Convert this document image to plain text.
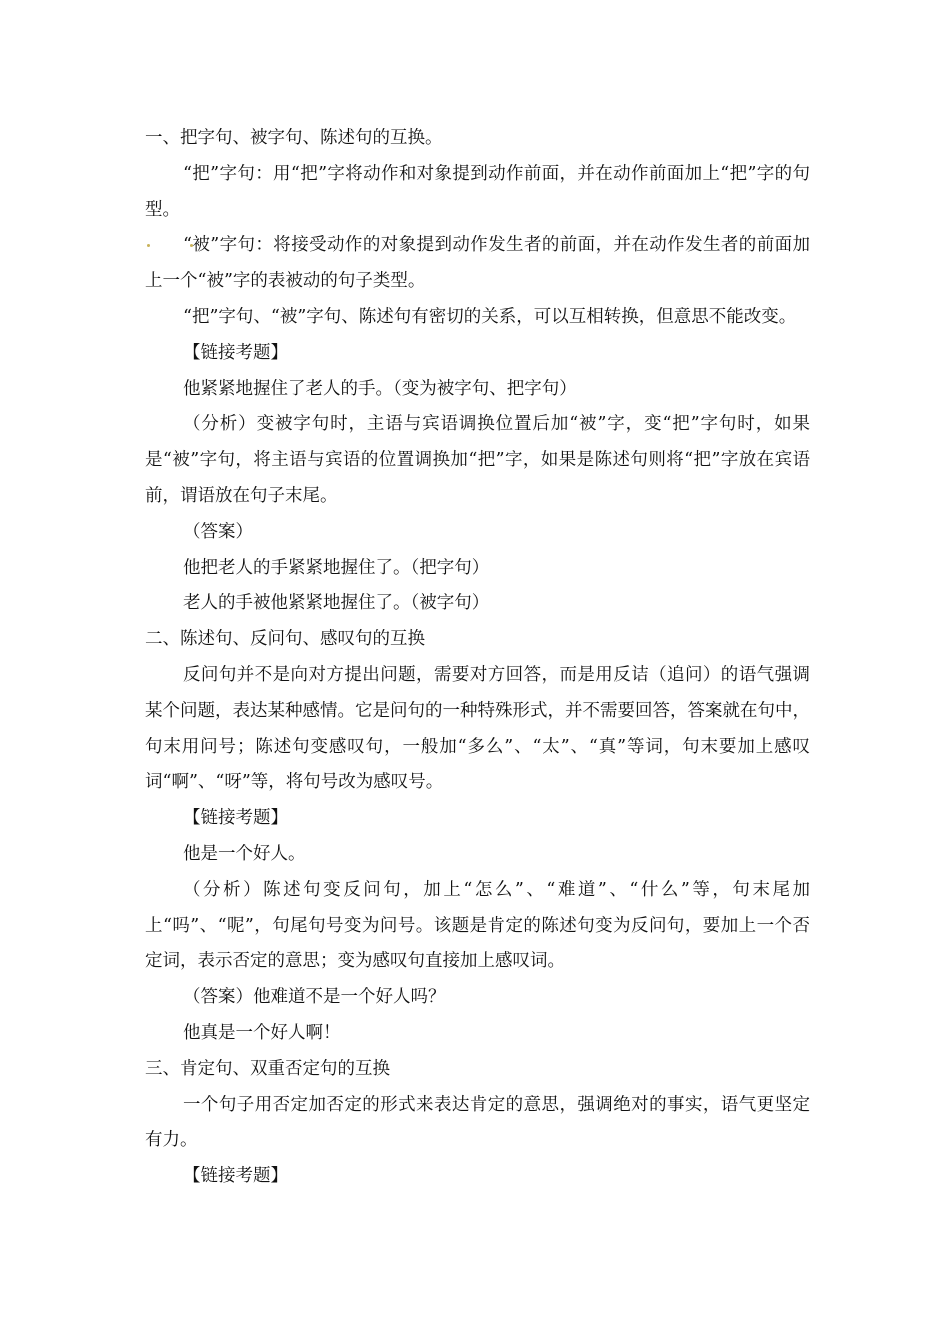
一、把字句、被字句、陈述句的互换。

“把”字句：用“把”字将动作和对象提到动作前面，并在动作前面加上“把”字的句型。

“被”字句：将接受动作的对象提到动作发生者的前面，并在动作发生者的前面加上一个“被”字的表被动的句子类型。

“把”字句、“被”字句、陈述句有密切的关系，可以互相转换，但意思不能改变。

【链接考题】

他紧紧地握住了老人的手。（变为被字句、把字句）

（分析）变被字句时，主语与宾语调换位置后加“被”字，变“把”字句时，如果是“被”字句，将主语与宾语的位置调换加“把”字，如果是陈述句则将“把”字放在宾语前，谓语放在句子末尾。

（答案）

他把老人的手紧紧地握住了。（把字句）

老人的手被他紧紧地握住了。（被字句）

二、陈述句、反问句、感叹句的互换

反问句并不是向对方提出问题，需要对方回答，而是用反诘（追问）的语气强调某个问题，表达某种感情。它是问句的一种特殊形式，并不需要回答，答案就在句中，句末用问号；陈述句变感叹句，一般加“多么”、“太”、“真”等词，句末要加上感叹词“啊”、“呀”等，将句号改为感叹号。

【链接考题】

他是一个好人。

（分析）陈述句变反问句，加上“怎么”、“难道”、“什么”等，句末尾加上“吗”、“呢”，句尾句号变为问号。该题是肯定的陈述句变为反问句，要加上一个否定词，表示否定的意思；变为感叹句直接加上感叹词。

（答案）他难道不是一个好人吗？

他真是一个好人啊！

三、肯定句、双重否定句的互换

一个句子用否定加否定的形式来表达肯定的意思，强调绝对的事实，语气更坚定有力。

【链接考题】
